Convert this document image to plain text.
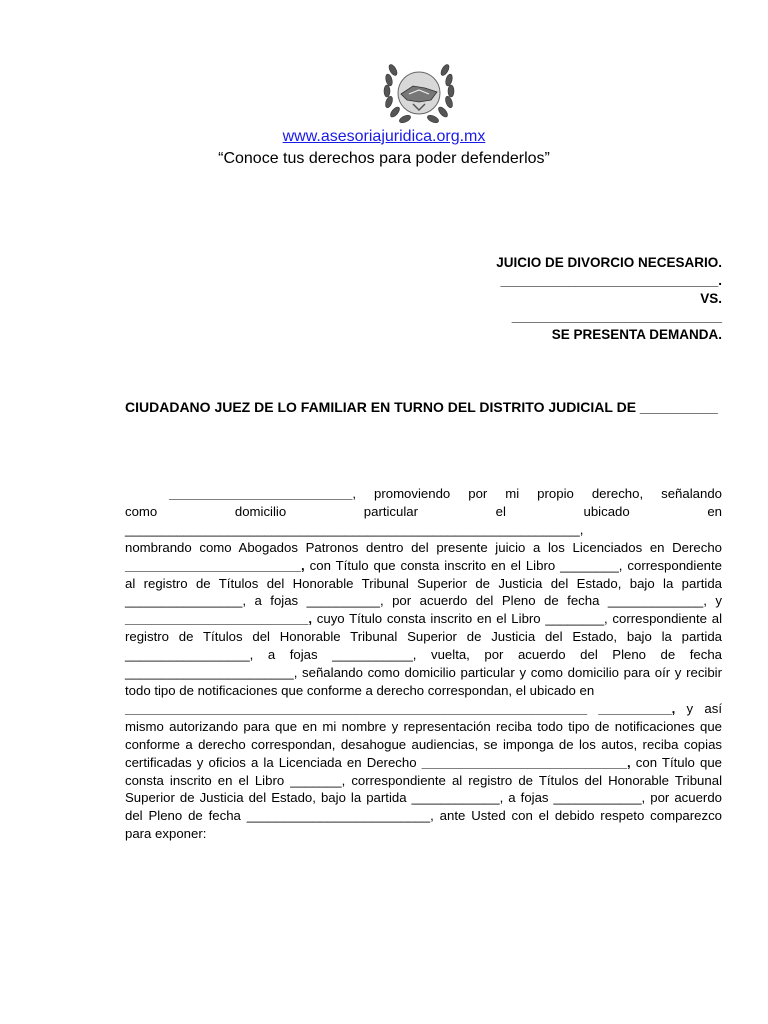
www.asesoriajuridica.org.mx
“Conoce tus derechos para poder defenderlos”
JUICIO DE DIVORCIO NECESARIO.
_____________________________.
VS.
____________________________
SE PRESENTA DEMANDA.
CIUDADANO JUEZ DE LO FAMILIAR EN TURNO DEL DISTRITO JUDICIAL DE __________

_________________________, promoviendo por mi propio derecho, señalando

como domicilio particular el ubicado en

______________________________________________________________,

nombrando como Abogados Patronos dentro del presente juicio a los Licenciados en Derecho ________________________, con Título que consta inscrito en el Libro ________, correspondiente al registro de Títulos del Honorable Tribunal Superior de Justicia del Estado, bajo la partida ________________, a fojas __________, por acuerdo del Pleno de fecha _____________, y _________________________, cuyo Título consta inscrito en el Libro ________, correspondiente al registro de Títulos del Honorable Tribunal Superior de Justicia del Estado, bajo la partida _________________, a fojas ___________, vuelta, por acuerdo del Pleno de fecha _______________________, señalando como domicilio particular y como domicilio para oír y recibir todo tipo de notificaciones que conforme a derecho correspondan, el ubicado en

_______________________________________________________________ __________, y así mismo autorizando para que en mi nombre y representación reciba todo tipo de notificaciones que conforme a derecho correspondan, desahogue audiencias, se imponga de los autos, reciba copias certificadas y oficios a la Licenciada en Derecho ____________________________, con Título que consta inscrito en el Libro _______, correspondiente al registro de Títulos del Honorable Tribunal Superior de Justicia del Estado, bajo la partida ____________, a fojas ____________, por acuerdo del Pleno de fecha _________________________, ante Usted con el debido respeto comparezco para exponer:
